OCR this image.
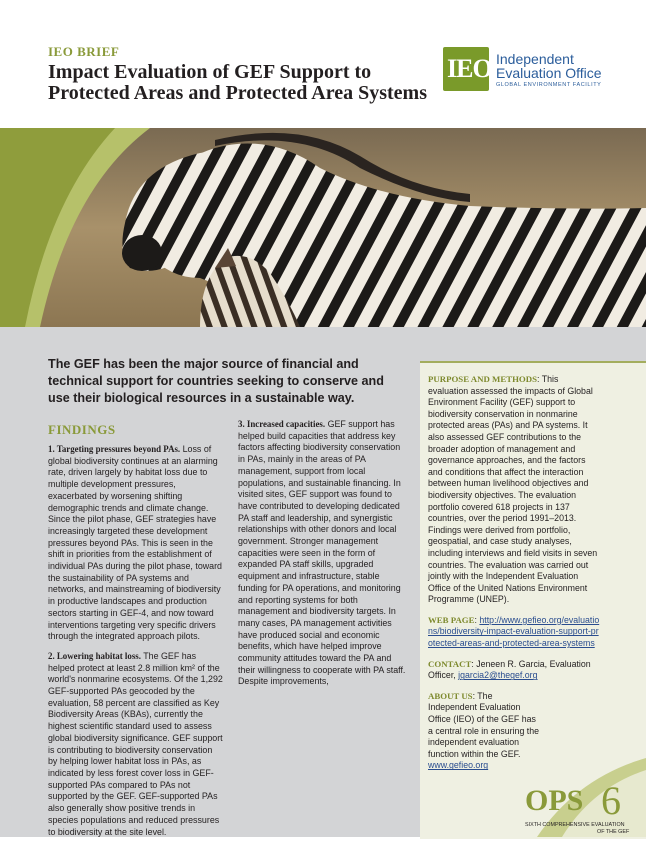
IEO BRIEF
Impact Evaluation of GEF Support to Protected Areas and Protected Area Systems
IEO Independent
Evaluation Office
GLOBAL ENVIRONMENT FACILITY

The GEF has been the major source of financial and technical support for countries seeking to conserve and use their biological resources in a sustainable way.

FINDINGS

1. Targeting pressures beyond PAs. Loss of global biodiversity continues at an alarming rate, driven largely by habitat loss due to multiple development pressures, exacerbated by worsening shifting demographic trends and climate change. Since the pilot phase, GEF strategies have increasingly targeted these development pressures beyond PAs. This is seen in the shift in priorities from the establishment of individual PAs during the pilot phase, toward the sustainability of PA systems and networks, and mainstreaming of biodiversity in productive landscapes and production sectors starting in GEF-4, and now toward interventions targeting very specific drivers through the integrated approach pilots.

2. Lowering habitat loss. The GEF has helped protect at least 2.8 million km² of the world's nonmarine ecosystems. Of the 1,292 GEF-supported PAs geocoded by the evaluation, 58 percent are classified as Key Biodiversity Areas (KBAs), currently the highest scientific standard used to assess global biodiversity significance. GEF support is contributing to biodiversity conservation by helping lower habitat loss in PAs, as indicated by less forest cover loss in GEF-supported PAs compared to PAs not supported by the GEF. GEF-supported PAs also generally show positive trends in species populations and reduced pressures to biodiversity at the site level.

3. Increased capacities. GEF support has helped build capacities that address key factors affecting biodiversity conservation in PAs, mainly in the areas of PA management, support from local populations, and sustainable financing. In visited sites, GEF support was found to have contributed to developing dedicated PA staff and leadership, and synergistic relationships with other donors and local government. Stronger management capacities were seen in the form of expanded PA staff skills, upgraded equipment and infrastructure, stable funding for PA operations, and monitoring and reporting systems for both management and biodiversity targets. In many cases, PA management activities have produced social and economic benefits, which have helped improve community attitudes toward the PA and their willingness to cooperate with PA staff. Despite improvements,

PURPOSE AND METHODS: This evaluation assessed the impacts of Global Environment Facility (GEF) support to biodiversity conservation in nonmarine protected areas (PAs) and PA systems. It also assessed GEF contributions to the broader adoption of management and governance approaches, and the factors and conditions that affect the interaction between human livelihood objectives and biodiversity objectives. The evaluation portfolio covered 618 projects in 137 countries, over the period 1991–2013. Findings were derived from portfolio, geospatial, and case study analyses, including interviews and field visits in seven countries. The evaluation was carried out jointly with the Independent Evaluation Office of the United Nations Environment Programme (UNEP).

WEB PAGE: http://www.gefieo.org/evaluations/biodiversity-impact-evaluation-support-protected-areas-and-protected-area-systems

CONTACT: Jeneen R. Garcia, Evaluation Officer, jgarcia2@thegef.org

ABOUT US: The Independent Evaluation Office (IEO) of the GEF has a central role in ensuring the independent evaluation function within the GEF. www.gefieo.org

OPS 6
SIXTH COMPREHENSIVE EVALUATION
OF THE GEF
